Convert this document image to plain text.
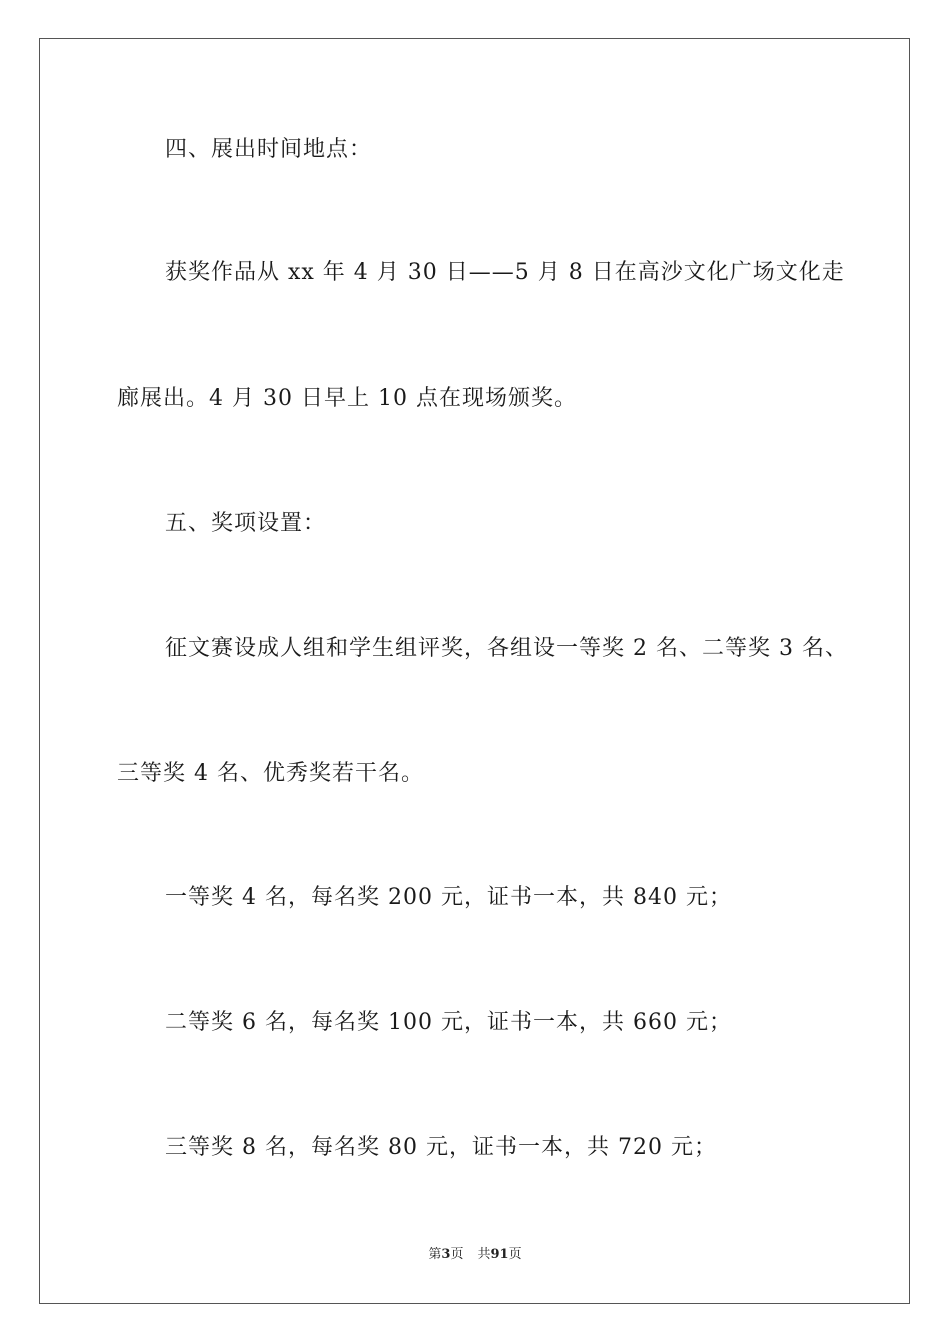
四、展出时间地点：
获奖作品从 xx 年 4 月 30 日——5 月 8 日在高沙文化广场文化走
廊展出。4 月 30 日早上 10 点在现场颁奖。
五、奖项设置：
征文赛设成人组和学生组评奖，各组设一等奖 2 名、二等奖 3 名、
三等奖 4 名、优秀奖若干名。
一等奖 4 名，每名奖 200 元，证书一本，共 840 元；
二等奖 6 名，每名奖 100 元，证书一本，共 660 元；
三等奖 8 名，每名奖 80 元，证书一本，共 720 元；
第3页 共91页
